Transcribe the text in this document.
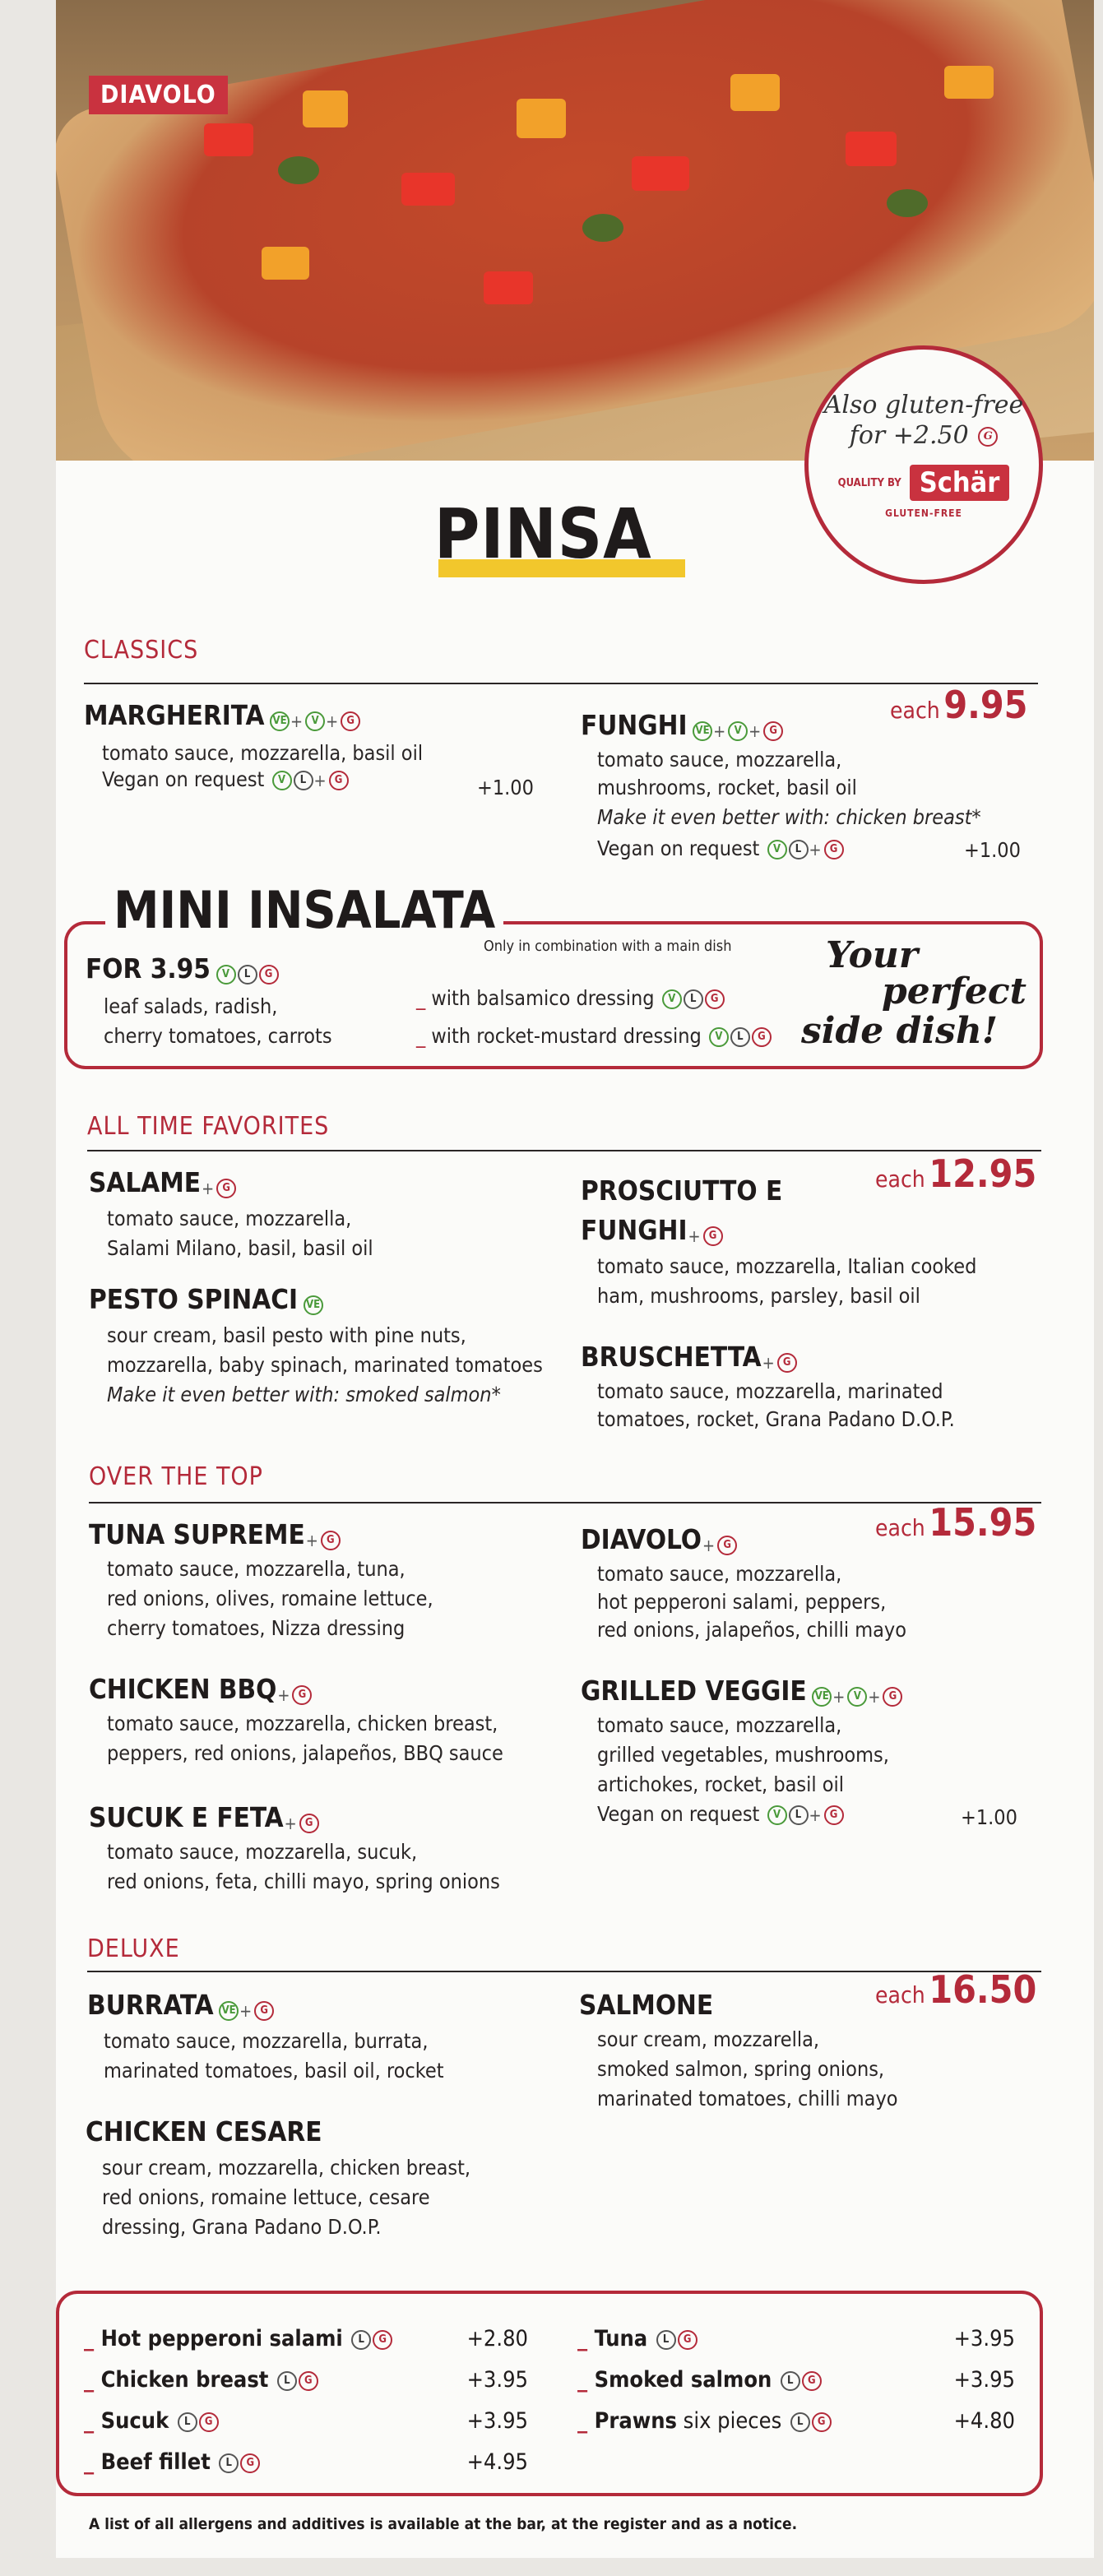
DIAVOLO
Also gluten-free
for +2.50 G
QUALITY BY Schär
GLUTEN-FREE
PINSA
CLASSICS
each 9.95
MARGHERITA VE + V + G
tomato sauce, mozzarella, basil oil
Vegan on request V L + G	+1.00
FUNGHI VE + V + G
tomato sauce, mozzarella,
mushrooms, rocket, basil oil
Make it even better with: chicken breast*
Vegan on request V L + G	+1.00
MINI INSALATA
Only in combination with a main dish
FOR 3.95 V L G
leaf salads, radish,
cherry tomatoes, carrots
_ with balsamico dressing V L G
_ with rocket-mustard dressing V L G
Your
perfect
side dish!
ALL TIME FAVORITES
each 12.95
SALAME+ G
tomato sauce, mozzarella,
Salami Milano, basil, basil oil
PESTO SPINACI VE
sour cream, basil pesto with pine nuts,
mozzarella, baby spinach, marinated tomatoes
Make it even better with: smoked salmon*
PROSCIUTTO E
FUNGHI+ G
tomato sauce, mozzarella, Italian cooked
ham, mushrooms, parsley, basil oil
BRUSCHETTA+ G
tomato sauce, mozzarella, marinated
tomatoes, rocket, Grana Padano D.O.P.
OVER THE TOP
each 15.95
TUNA SUPREME+ G
tomato sauce, mozzarella, tuna,
red onions, olives, romaine lettuce,
cherry tomatoes, Nizza dressing
CHICKEN BBQ+ G
tomato sauce, mozzarella, chicken breast,
peppers, red onions, jalapeños, BBQ sauce
SUCUK E FETA+ G
tomato sauce, mozzarella, sucuk,
red onions, feta, chilli mayo, spring onions
DIAVOLO+ G
tomato sauce, mozzarella,
hot pepperoni salami, peppers,
red onions, jalapeños, chilli mayo
GRILLED VEGGIE VE + V + G
tomato sauce, mozzarella,
grilled vegetables, mushrooms,
artichokes, rocket, basil oil
Vegan on request V L + G	+1.00
DELUXE
each 16.50
BURRATA VE + G
tomato sauce, mozzarella, burrata,
marinated tomatoes, basil oil, rocket
CHICKEN CESARE
sour cream, mozzarella, chicken breast,
red onions, romaine lettuce, cesare
dressing, Grana Padano D.O.P.
SALMONE
sour cream, mozzarella,
smoked salmon, spring onions,
marinated tomatoes, chilli mayo
_ Hot pepperoni salami L G	+2.80
_ Chicken breast L G	+3.95
_ Sucuk L G	+3.95
_ Beef fillet L G	+4.95
_ Tuna L G	+3.95
_ Smoked salmon L G	+3.95
_ Prawns six pieces L G	+4.80
A list of all allergens and additives is available at the bar, at the register and as a notice.
